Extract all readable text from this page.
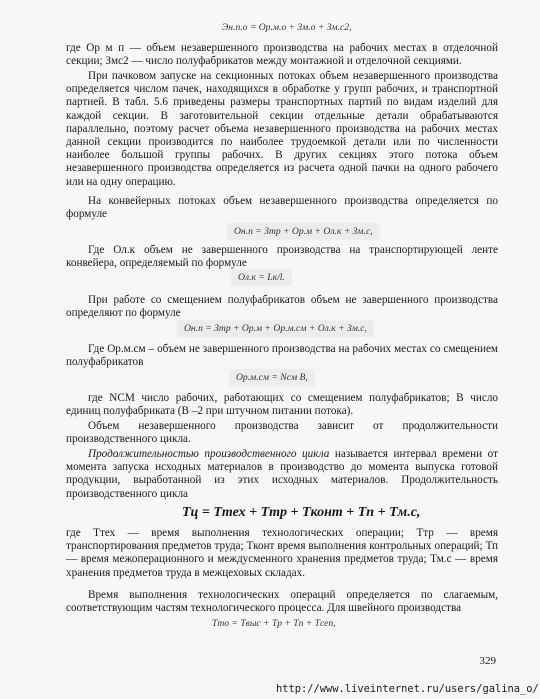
Эн.п.о = Ор.м.о + Зм.о + Зм.с2,

где Ор м п — объем незавершенного производства на рабочих местах в отделочной секции; Змс2 — число полуфабрикатов между монтажной и отделочной секциями.

При пачковом запуске на секционных потоках объем незавершенного производства определяется числом пачек, находящихся в обработке у групп рабочих, и транспортной партией. В табл. 5.6 приведены размеры транспортных партий по видам изделий для каждой секции. В заготовительной секции отдельные детали обрабатываются параллельно, поэтому расчет объема незавершенного производства на рабочих местах данной секции производится по наиболее трудоемкой детали или по численности наиболее большой группы рабочих. В других секциях этого потока объем незавершенного производства определяется из расчета одной пачки на одного рабочего или на одну операцию.

На конвейерных потоках объем незавершенного производства определяется по формуле

Он.п = Зтр + Ор.м + Ол.к + Зм.с,

Где Ол.к объем не завершенного производства на транспортирующей ленте конвейера, определяемый по формуле

Ол.к = Lк/l.

При работе со смещением полуфабрикатов объем не завершенного производства определяют по формуле

Он.п = Зтр + Ор.м + Ор.м.см + Ол.к + Зм.с,

Где Ор.м.см – объем не завершенного производства на рабочих местах со смещением полуфабрикатов

Ор.м.см = Nсм B,

где NСМ число рабочих, работающих со смещением полуфабрикатов; В число единиц полуфабриката (В –2 при штучном питании потока).

Объем незавершенного производства зависит от продолжительности производственного цикла.

Продолжительностью производственного цикла называется интервал времени от момента запуска исходных материалов в производство до момента выпуска готовой продукции, выработанной из этих исходных материалов. Продолжительность производственного цикла

Tц = Tтех + Tтр + Tконт + Tп + Tм.с,

где Ттех — время выполнения технологических операции; Ттр — время транспортирования предметов труда; Тконт время выполнения контрольных операций; Тп — время межоперационного и междусменного хранения предметов труда; Тм.с — время хранения предметов труда в межцеховых складах.

Время выполнения технологических операций определяется по слагаемым, соответствующим частям технологического процесса. Для швейного производства

Tто = Tвыс + Tр + Tп + Tсеп,
329
http://www.liveinternet.ru/users/galina_o/
